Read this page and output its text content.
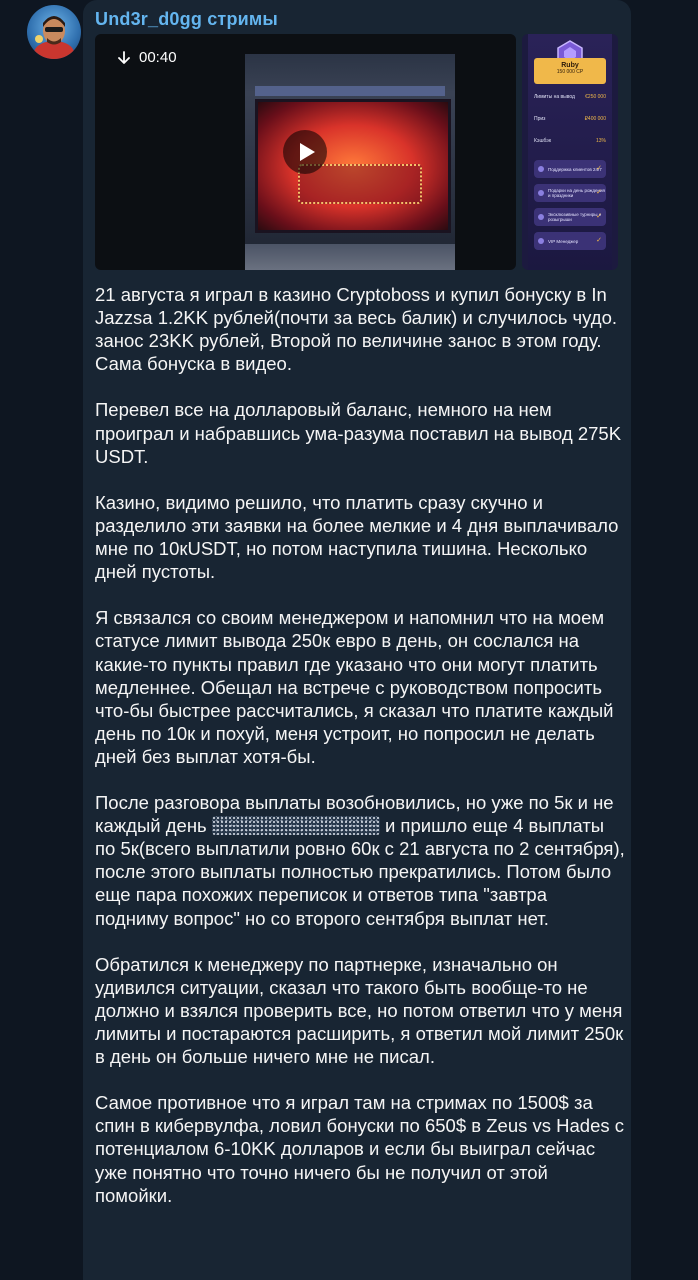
Und3r_d0gg стримы
00:40	Ruby
150 000 CP
Лимиты на вывод €250 000
Приз	₽400 000
Кэшбэк	13%
Поддержка клиентов 24/7 ✓
Подарки на день рождения и праздники ✓
Эксклюзивные турниры и розыгрыши ✓
VIP Менеджер ✓

21 августа я играл в казино Cryptoboss и купил бонуску в In Jazzsa 1.2KK рублей(почти за весь балик) и случилось чудо. занос 23KK рублей, Второй по величине занос в этом году. Сама бонуска в видео.

Перевел все на долларовый баланс, немного на нем проиграл и набравшись ума-разума поставил на вывод 275K USDT.

Казино, видимо решило, что платить сразу скучно и разделило эти заявки на более мелкие и 4 дня выплачивало мне по 10кUSDT, но потом наступила тишина. Несколько дней пустоты.

Я связался со своим менеджером и напомнил что на моем статусе лимит вывода 250к евро в день, он сослался на какие-то пункты правил где указано что они могут платить медленнее. Обещал на встрече с руководством попросить что-бы быстрее рассчитались, я сказал что платите каждый день по 10к и похуй, меня устроит, но попросил не делать дней без выплат хотя-бы.

После разговора выплаты возобновились, но уже по 5к и не каждый день	и пришло еще 4 выплаты по 5к(всего выплатили ровно 60к с 21 августа по 2 сентября), после этого выплаты полностью прекратились. Потом было еще пара похожих переписок и ответов типа "завтра подниму вопрос" но со второго сентября выплат нет.

Обратился к менеджеру по партнерке, изначально он удивился ситуации, сказал что такого быть вообще-то не должно и взялся проверить все, но потом ответил что у меня лимиты и постараются расширить, я ответил мой лимит 250к в день он больше ничего мне не писал.

Самое противное что я играл там на стримах по 1500$ за спин в кибервулфа, ловил бонуски по 650$ в Zeus vs Hades с потенциалом 6-10KK долларов и если бы выиграл сейчас уже понятно что точно ничего бы не получил от этой помойки.
